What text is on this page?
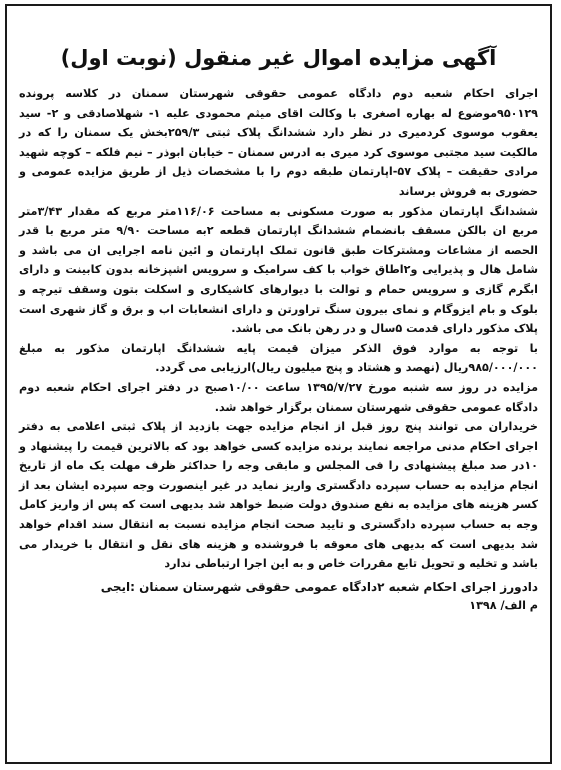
آگهی مزایده اموال غیر منقول (نوبت اول)

اجرای احکام شعبه دوم دادگاه عمومی حقوقی شهرستان سمنان در کلاسه پرونده ۹۵۰۱۲۹موضوع له بهاره اصغری با وکالت اقای میثم محمودی علیه ۱- شهلاصادقی و ۲- سید یعقوب موسوی کردمیری در نظر دارد ششدانگ پلاک ثبتی ۲۵۹/۳بخش یک سمنان را که در مالکیت سید مجتبی موسوی کرد میری به ادرس سمنان – خیابان ابوذر – نیم فلکه – کوچه شهید مرادی حقیقت – پلاک ۵۷-اپارتمان طبقه دوم را با مشخصات ذیل از طریق مزایده عمومی و حضوری به فروش برساند

ششدانگ اپارتمان مذکور به صورت مسکونی به مساحت ۱۱۶/۰۶متر مربع که مقدار ۳/۴۳متر مربع ان بالکن مسقف بانضمام ششدانگ اپارتمان قطعه ۲به مساحت ۹/۹۰ متر مربع با قدر الحصه از مشاعات ومشترکات طبق قانون تملک اپارتمان و ائین نامه اجرایی ان می باشد و شامل هال و پذیرایی و۲اطاق خواب با کف سرامیک و سرویس اشپزخانه بدون کابینت و دارای ابگرم گازی و سرویس حمام و توالت با دیوارهای کاشیکاری و اسکلت بتون وسقف تیرچه و بلوک و بام ایزوگام و نمای بیرون سنگ تراورتن و دارای انشعابات اب و برق و گاز شهری است پلاک مذکور دارای قدمت ۵سال و در رهن بانک می باشد.

با توجه به موارد فوق الذکر میزان قیمت پایه ششدانگ اپارتمان مذکور به مبلغ ۹۸۵/۰۰۰/۰۰۰ریال (نهصد و هشتاد و پنج میلیون ریال)ارزیابی می گردد.

مزایده در روز سه شنبه مورخ ۱۳۹۵/۷/۲۷ ساعت ۱۰/۰۰صبح در دفتر اجرای احکام شعبه دوم دادگاه عمومی حقوقی شهرستان سمنان برگزار خواهد شد.

خریداران می توانند پنج روز قبل از انجام مزایده جهت بازدید از پلاک ثبتی اعلامی به دفتر اجرای احکام مدنی مراجعه نمایند برنده مزایده کسی خواهد بود که بالاترین قیمت را پیشنهاد و ۱۰در صد مبلغ پیشنهادی را فی المجلس و مابقی وجه را حداکثر ظرف مهلت یک ماه از تاریخ انجام مزایده به حساب سپرده دادگستری واریز نماید در غیر اینصورت وجه سپرده ایشان بعد از کسر هزینه های مزایده به نفع صندوق دولت ضبط خواهد شد بدیهی است که پس از واریز کامل وجه به حساب سپرده دادگستری و تایید صحت انجام مزایده نسبت به انتقال سند اقدام خواهد شد بدیهی است که بدیهی های معوقه با فروشنده و هزینه های نقل و انتقال با خریدار می باشد و تخلیه و تحویل تابع مقررات خاص و به این اجرا ارتباطی ندارد

دادورز اجرای احکام شعبه ۲دادگاه عمومی حقوقی شهرستان سمنان :ایجی
م الف/ ۱۳۹۸
